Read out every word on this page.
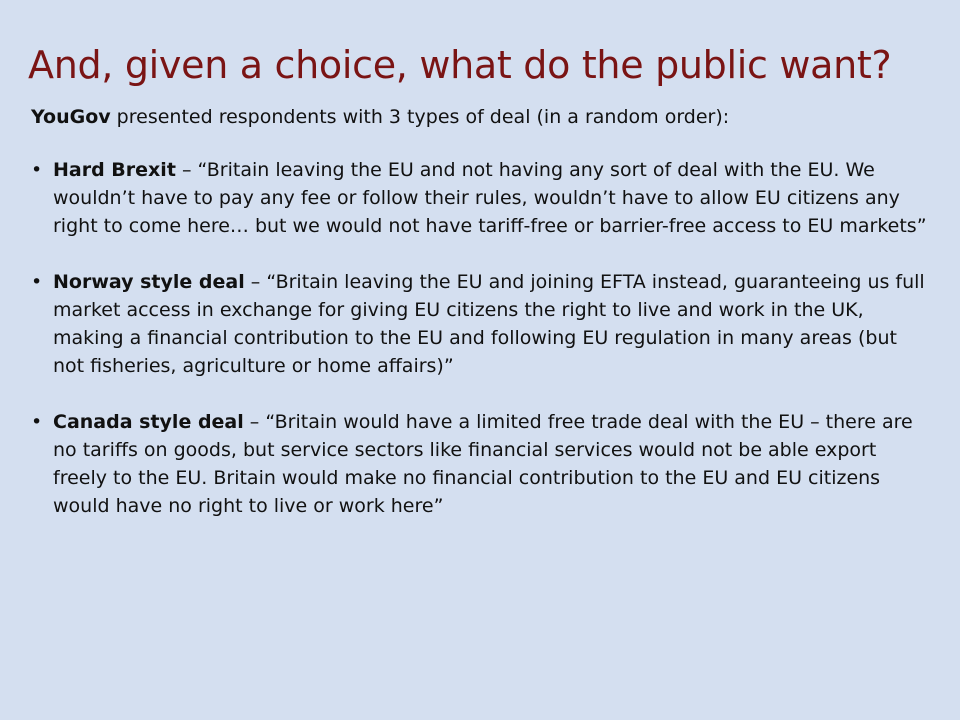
And, given a choice, what do the public want?

YouGov presented respondents with 3 types of deal (in a random order):

• Hard Brexit – “Britain leaving the EU and not having any sort of deal with the EU. We wouldn’t have to pay any fee or follow their rules, wouldn’t have to allow EU citizens any right to come here… but we would not have tariff-free or barrier-free access to EU markets”
• Norway style deal – “Britain leaving the EU and joining EFTA instead, guaranteeing us full market access in exchange for giving EU citizens the right to live and work in the UK, making a financial contribution to the EU and following EU regulation in many areas (but not fisheries, agriculture or home affairs)”
• Canada style deal – “Britain would have a limited free trade deal with the EU – there are no tariffs on goods, but service sectors like financial services would not be able export freely to the EU. Britain would make no financial contribution to the EU and EU citizens would have no right to live or work here”
